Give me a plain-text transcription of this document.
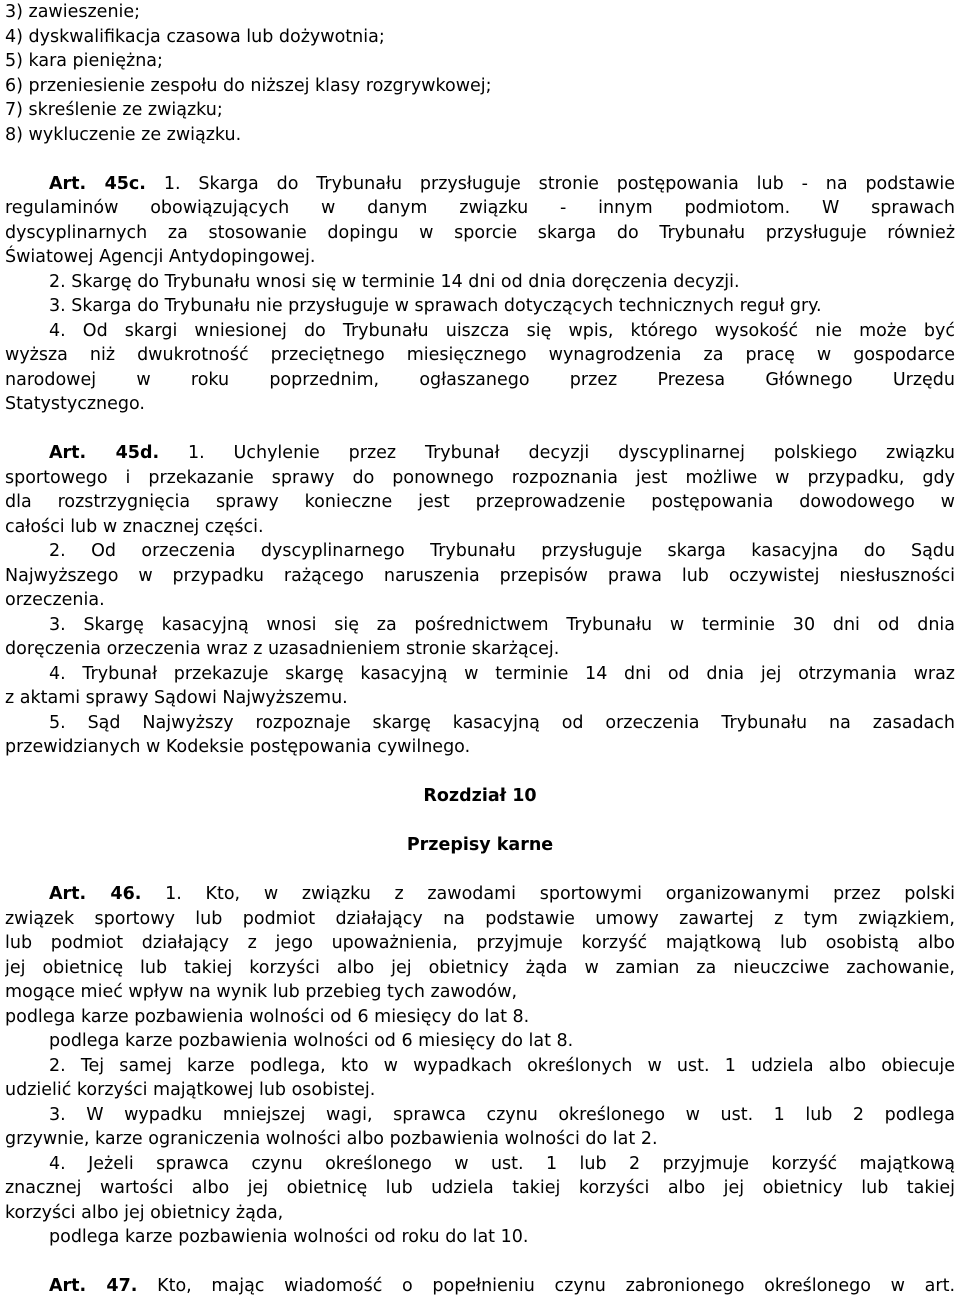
3) zawieszenie;
4) dyskwalifikacja czasowa lub dożywotnia;
5) kara pieniężna;
6) przeniesienie zespołu do niższej klasy rozgrywkowej;
7) skreślenie ze związku;
8) wykluczenie ze związku.
Art. 45c. 1. Skarga do Trybunału przysługuje stronie postępowania lub - na podstawie
regulaminów obowiązujących w danym związku - innym podmiotom. W sprawach
dyscyplinarnych za stosowanie dopingu w sporcie skarga do Trybunału przysługuje również
Światowej Agencji Antydopingowej.
2. Skargę do Trybunału wnosi się w terminie 14 dni od dnia doręczenia decyzji.
3. Skarga do Trybunału nie przysługuje w sprawach dotyczących technicznych reguł gry.
4. Od skargi wniesionej do Trybunału uiszcza się wpis, którego wysokość nie może być
wyższa niż dwukrotność przeciętnego miesięcznego wynagrodzenia za pracę w gospodarce
narodowej w roku poprzednim, ogłaszanego przez Prezesa Głównego Urzędu
Statystycznego.
Art. 45d. 1. Uchylenie przez Trybunał decyzji dyscyplinarnej polskiego związku
sportowego i przekazanie sprawy do ponownego rozpoznania jest możliwe w przypadku, gdy
dla rozstrzygnięcia sprawy konieczne jest przeprowadzenie postępowania dowodowego w
całości lub w znacznej części.
2. Od orzeczenia dyscyplinarnego Trybunału przysługuje skarga kasacyjna do Sądu
Najwyższego w przypadku rażącego naruszenia przepisów prawa lub oczywistej niesłuszności
orzeczenia.
3. Skargę kasacyjną wnosi się za pośrednictwem Trybunału w terminie 30 dni od dnia
doręczenia orzeczenia wraz z uzasadnieniem stronie skarżącej.
4. Trybunał przekazuje skargę kasacyjną w terminie 14 dni od dnia jej otrzymania wraz
z aktami sprawy Sądowi Najwyższemu.
5. Sąd Najwyższy rozpoznaje skargę kasacyjną od orzeczenia Trybunału na zasadach
przewidzianych w Kodeksie postępowania cywilnego.
Rozdział 10
Przepisy karne
Art. 46. 1. Kto, w związku z zawodami sportowymi organizowanymi przez polski
związek sportowy lub podmiot działający na podstawie umowy zawartej z tym związkiem,
lub podmiot działający z jego upoważnienia, przyjmuje korzyść majątkową lub osobistą albo
jej obietnicę lub takiej korzyści albo jej obietnicy żąda w zamian za nieuczciwe zachowanie,
mogące mieć wpływ na wynik lub przebieg tych zawodów,
podlega karze pozbawienia wolności od 6 miesięcy do lat 8.
podlega karze pozbawienia wolności od 6 miesięcy do lat 8.
2. Tej samej karze podlega, kto w wypadkach określonych w ust. 1 udziela albo obiecuje
udzielić korzyści majątkowej lub osobistej.
3. W wypadku mniejszej wagi, sprawca czynu określonego w ust. 1 lub 2 podlega
grzywnie, karze ograniczenia wolności albo pozbawienia wolności do lat 2.
4. Jeżeli sprawca czynu określonego w ust. 1 lub 2 przyjmuje korzyść majątkową
znacznej wartości albo jej obietnicę lub udziela takiej korzyści albo jej obietnicy lub takiej
korzyści albo jej obietnicy żąda,
podlega karze pozbawienia wolności od roku do lat 10.
Art. 47. Kto, mając wiadomość o popełnieniu czynu zabronionego określonego w art.
